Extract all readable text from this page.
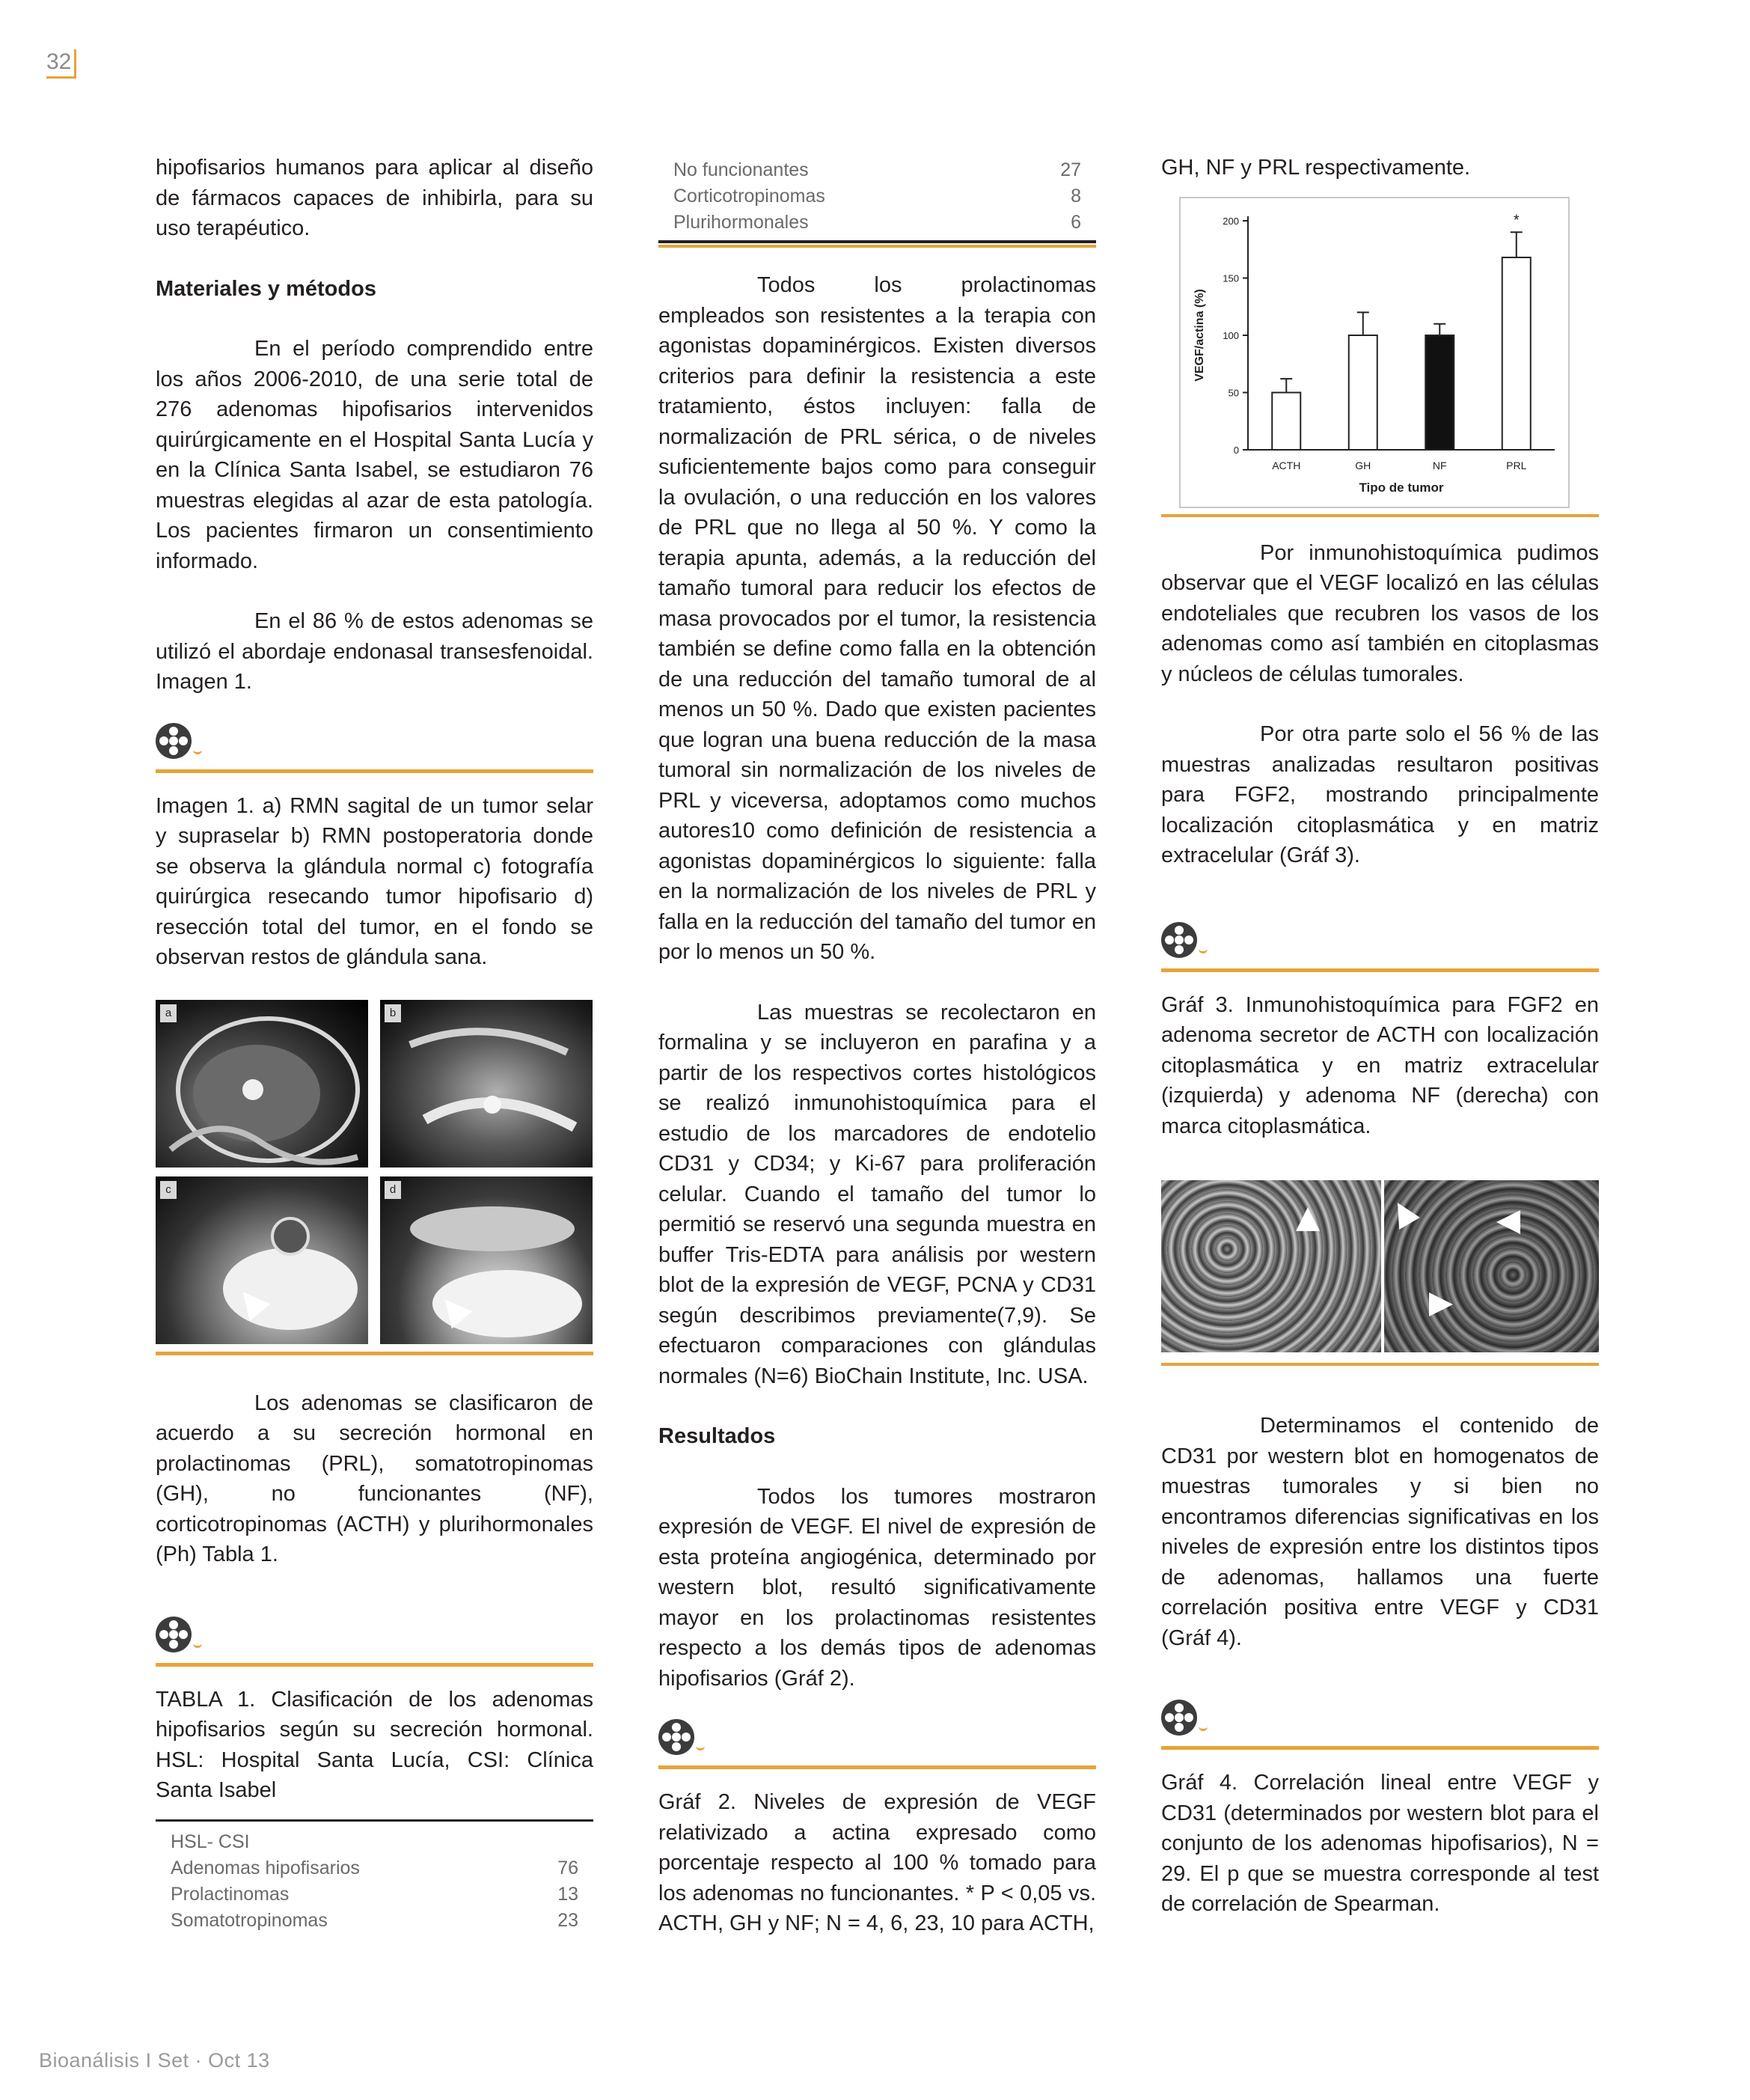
32

hipofisarios humanos para aplicar al diseño de fármacos capaces de inhibirla, para su uso terapéutico.

Materiales y métodos

En el período comprendido entre los años 2006-2010, de una serie total de 276 adenomas hipofisarios intervenidos quirúrgicamente en el Hospital Santa Lucía y en la Clínica Santa Isabel, se estudiaron 76 muestras elegidas al azar de esta patología. Los pacientes firmaron un consentimiento informado.

En el 86 % de estos adenomas se utilizó el abordaje endonasal transesfenoidal. Imagen 1.

Imagen 1. a) RMN sagital de un tumor selar y supraselar b) RMN postoperatoria donde se observa la glándula normal c) fotografía quirúrgica resecando tumor hipofisario d) resección total del tumor, en el fondo se observan restos de glándula sana.

a	b
c	d

Los adenomas se clasificaron de acuerdo a su secreción hormonal en prolactinomas (PRL), somatotropinomas (GH), no funcionantes (NF), corticotropinomas (ACTH) y plurihormonales (Ph) Tabla 1.

TABLA 1. Clasificación de los adenomas hipofisarios según su secreción hormonal. HSL: Hospital Santa Lucía, CSI: Clínica Santa Isabel

HSL- CSI
Adenomas hipofisarios	76
Prolactinomas	13
Somatotropinomas	23
No funcionantes	27
Corticotropinomas	8
Plurihormonales	6

Todos los prolactinomas empleados son resistentes a la terapia con agonistas dopaminérgicos. Existen diversos criterios para definir la resistencia a este tratamiento, éstos incluyen: falla de normalización de PRL sérica, o de niveles suficientemente bajos como para conseguir la ovulación, o una reducción en los valores de PRL que no llega al 50 %. Y como la terapia apunta, además, a la reducción del tamaño tumoral para reducir los efectos de masa provocados por el tumor, la resistencia también se define como falla en la obtención de una reducción del tamaño tumoral de al menos un 50 %. Dado que existen pacientes que logran una buena reducción de la masa tumoral sin normalización de los niveles de PRL y viceversa, adoptamos como muchos autores10 como definición de resistencia a agonistas dopaminérgicos lo siguiente: falla en la normalización de los niveles de PRL y falla en la reducción del tamaño del tumor en por lo menos un 50 %.

Las muestras se recolectaron en formalina y se incluyeron en parafina y a partir de los respectivos cortes histológicos se realizó inmunohistoquímica para el estudio de los marcadores de endotelio CD31 y CD34; y Ki-67 para proliferación celular. Cuando el tamaño del tumor lo permitió se reservó una segunda muestra en buffer Tris-EDTA para análisis por western blot de la expresión de VEGF, PCNA y CD31 según describimos previamente(7,9). Se efectuaron comparaciones con glándulas normales (N=6) BioChain Institute, Inc. USA.

Resultados

Todos los tumores mostraron expresión de VEGF. El nivel de expresión de esta proteína angiogénica, determinado por western blot, resultó significativamente mayor en los prolactinomas resistentes respecto a los demás tipos de adenomas hipofisarios (Gráf 2).

Gráf 2. Niveles de expresión de VEGF relativizado a actina expresado como porcentaje respecto al 100 % tomado para los adenomas no funcionantes. * P < 0,05 vs. ACTH, GH y NF; N = 4, 6, 23, 10 para ACTH,

GH, NF y PRL respectivamente.

0
50
100
150
200
VEGF/actina (%)
ACTH	GH	NF	PRL
*
Tipo de tumor

Por inmunohistoquímica pudimos observar que el VEGF localizó en las células endoteliales que recubren los vasos de los adenomas como así también en citoplasmas y núcleos de células tumorales.

Por otra parte solo el 56 % de las muestras analizadas resultaron positivas para FGF2, mostrando principalmente localización citoplasmática y en matriz extracelular (Gráf 3).

Gráf 3. Inmunohistoquímica para FGF2 en adenoma secretor de ACTH con localización citoplasmática y en matriz extracelular (izquierda) y adenoma NF (derecha) con marca citoplasmática.

Determinamos el contenido de CD31 por western blot en homogenatos de muestras tumorales y si bien no encontramos diferencias significativas en los niveles de expresión entre los distintos tipos de adenomas, hallamos una fuerte correlación positiva entre VEGF y CD31 (Gráf 4).

Gráf 4. Correlación lineal entre VEGF y CD31 (determinados por western blot para el conjunto de los adenomas hipofisarios), N = 29. El p que se muestra corresponde al test de correlación de Spearman.

Bioanálisis I Set · Oct 13
